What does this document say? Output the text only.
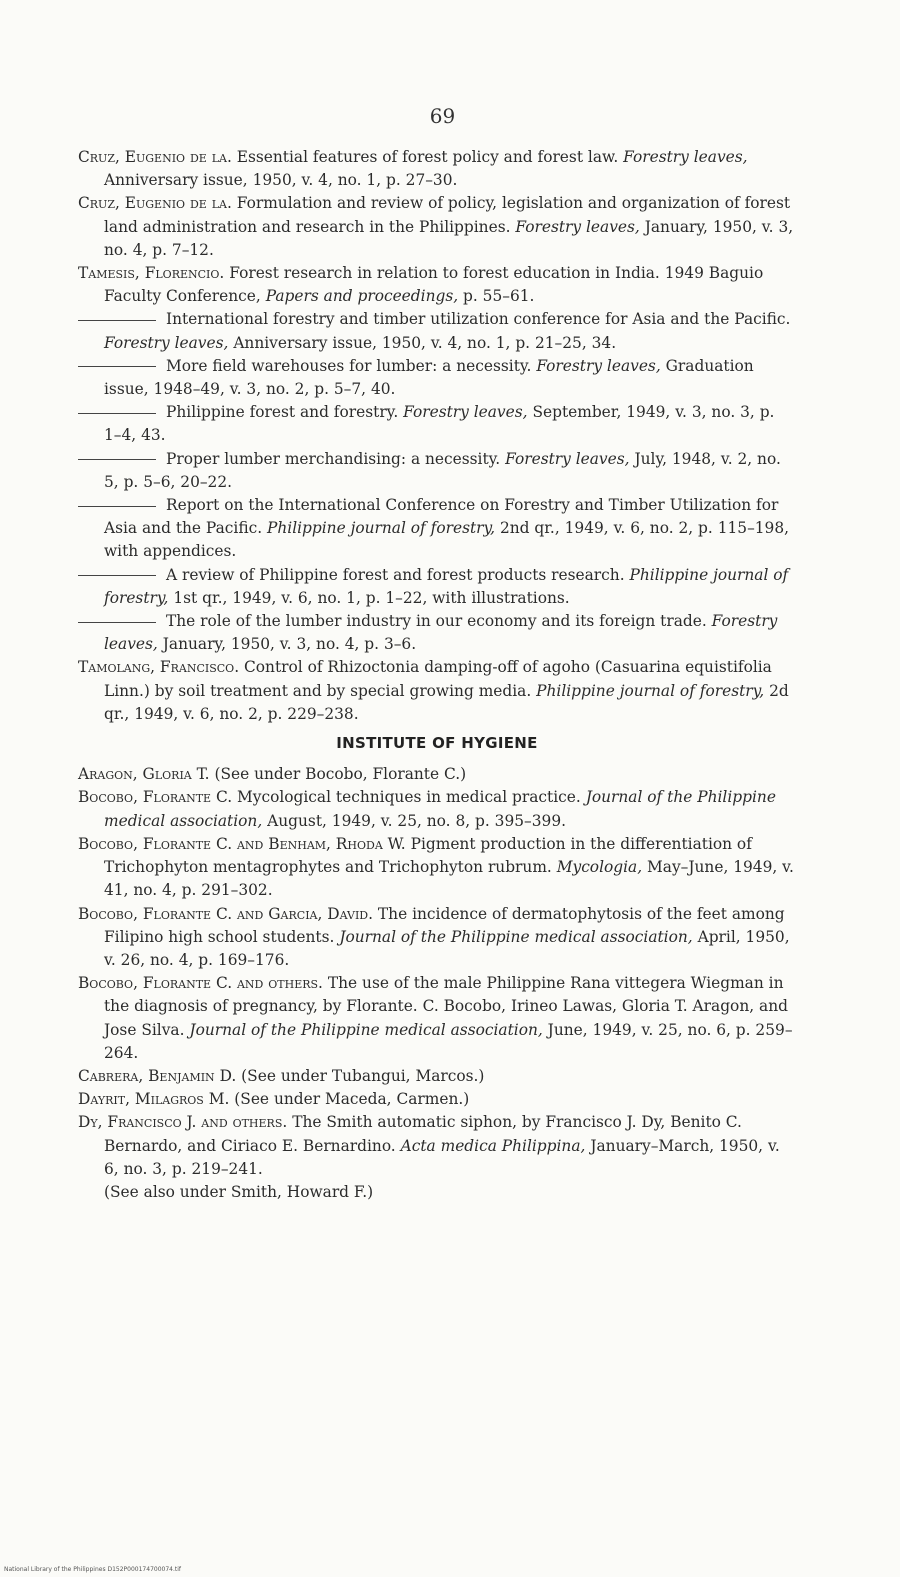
69

Cruz, Eugenio de la. Essential features of forest policy and forest law. Forestry leaves, Anniversary issue, 1950, v. 4, no. 1, p. 27–30.

Cruz, Eugenio de la. Formulation and review of policy, legislation and organization of forest land administration and research in the Philippines. Forestry leaves, January, 1950, v. 3, no. 4, p. 7–12.

Tamesis, Florencio. Forest research in relation to forest education in India. 1949 Baguio Faculty Conference, Papers and proceedings, p. 55–61.

International forestry and timber utilization conference for Asia and the Pacific. Forestry leaves, Anniversary issue, 1950, v. 4, no. 1, p. 21–25, 34.

More field warehouses for lumber: a necessity. Forestry leaves, Graduation issue, 1948–49, v. 3, no. 2, p. 5–7, 40.

Philippine forest and forestry. Forestry leaves, September, 1949, v. 3, no. 3, p. 1–4, 43.

Proper lumber merchandising: a necessity. Forestry leaves, July, 1948, v. 2, no. 5, p. 5–6, 20–22.

Report on the International Conference on Forestry and Timber Utilization for Asia and the Pacific. Philippine journal of forestry, 2nd qr., 1949, v. 6, no. 2, p. 115–198, with appendices.

A review of Philippine forest and forest products research. Philippine journal of forestry, 1st qr., 1949, v. 6, no. 1, p. 1–22, with illustrations.

The role of the lumber industry in our economy and its foreign trade. Forestry leaves, January, 1950, v. 3, no. 4, p. 3–6.

Tamolang, Francisco. Control of Rhizoctonia damping-off of agoho (Casuarina equistifolia Linn.) by soil treatment and by special growing media. Philippine journal of forestry, 2d qr., 1949, v. 6, no. 2, p. 229–238.

INSTITUTE OF HYGIENE

Aragon, Gloria T. (See under Bocobo, Florante C.)

Bocobo, Florante C. Mycological techniques in medical practice. Journal of the Philippine medical association, August, 1949, v. 25, no. 8, p. 395–399.

Bocobo, Florante C. and Benham, Rhoda W. Pigment production in the differentiation of Trichophyton mentagrophytes and Trichophyton rubrum. Mycologia, May–June, 1949, v. 41, no. 4, p. 291–302.

Bocobo, Florante C. and Garcia, David. The incidence of dermatophytosis of the feet among Filipino high school students. Journal of the Philippine medical association, April, 1950, v. 26, no. 4, p. 169–176.

Bocobo, Florante C. and others. The use of the male Philippine Rana vittegera Wiegman in the diagnosis of pregnancy, by Florante. C. Bocobo, Irineo Lawas, Gloria T. Aragon, and Jose Silva. Journal of the Philippine medical association, June, 1949, v. 25, no. 6, p. 259–264.

Cabrera, Benjamin D. (See under Tubangui, Marcos.)

Dayrit, Milagros M. (See under Maceda, Carmen.)

Dy, Francisco J. and others. The Smith automatic siphon, by Francisco J. Dy, Benito C. Bernardo, and Ciriaco E. Bernardino. Acta medica Philippina, January–March, 1950, v. 6, no. 3, p. 219–241.

(See also under Smith, Howard F.)

National Library of the Philippines D152P000174700074.tif
